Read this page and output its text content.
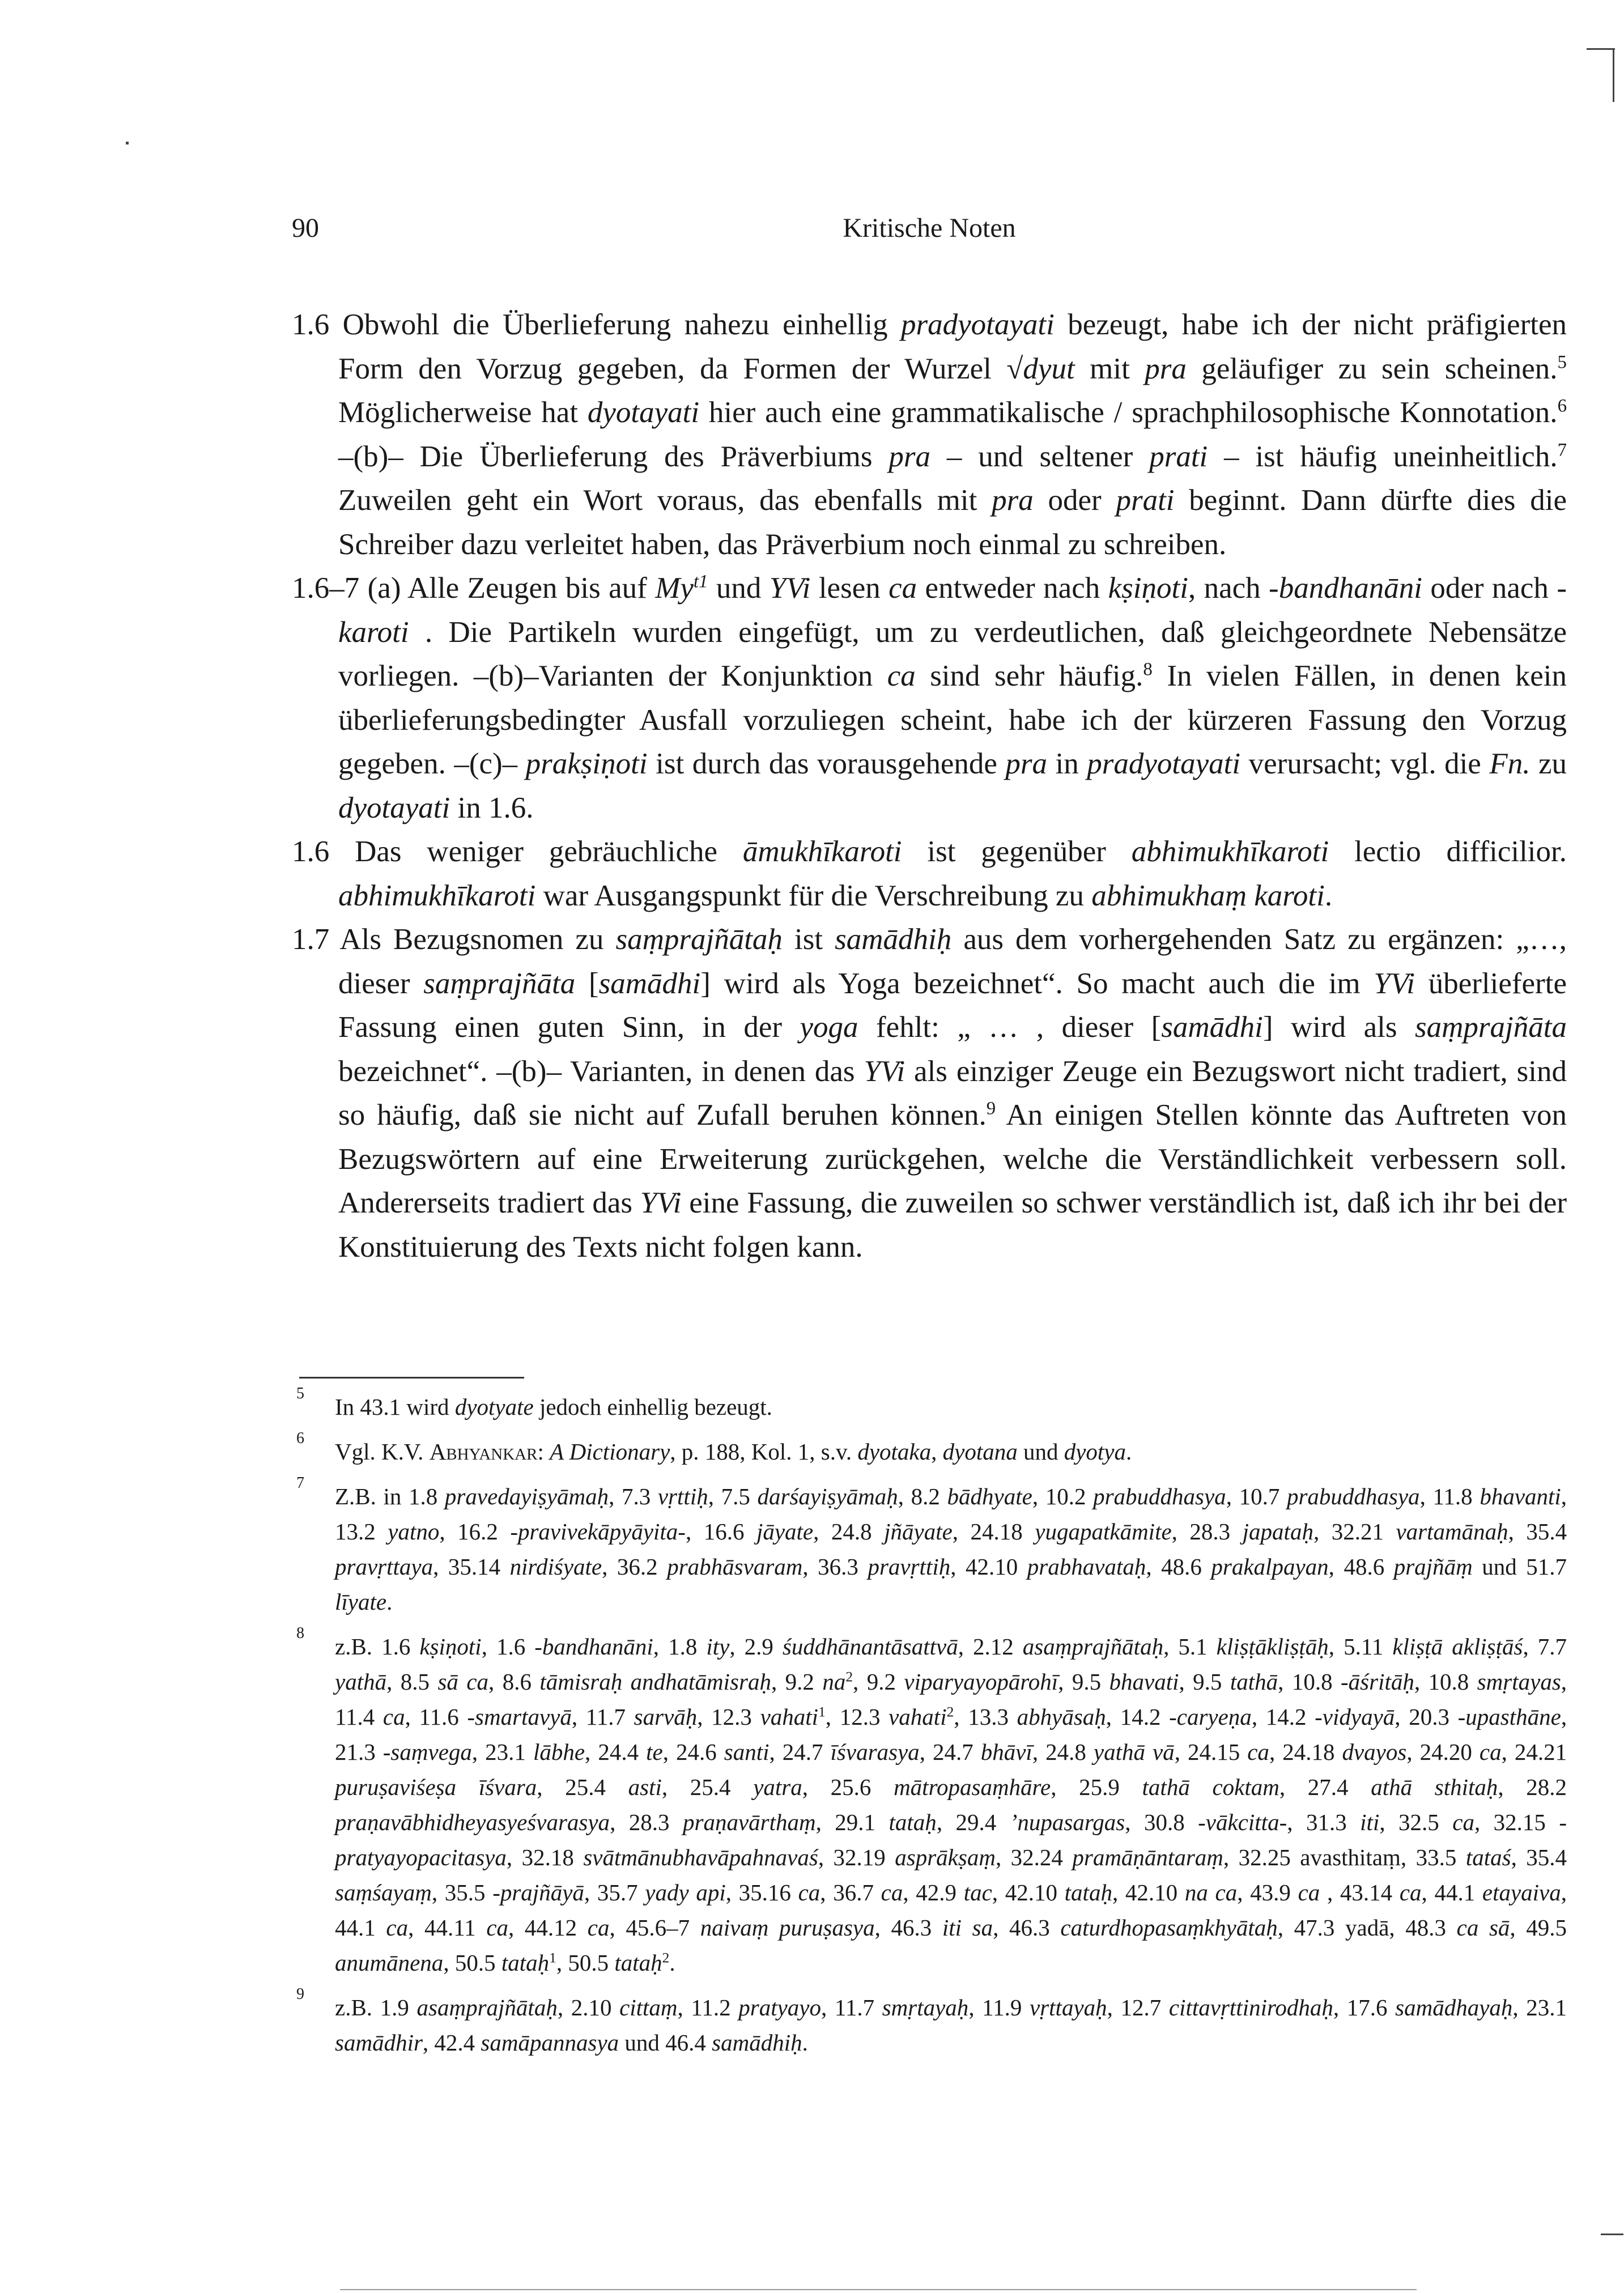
90	Kritische Noten

1.6 Obwohl die Überlieferung nahezu einhellig pradyotayati bezeugt, habe ich der nicht präfigierten Form den Vorzug gegeben, da Formen der Wurzel √dyut mit pra geläufiger zu sein scheinen.$^5$ Möglicherweise hat dyotayati hier auch eine grammatikalische / sprachphilosophische Konnotation.$^6$ –(b)– Die Überlieferung des Präverbiums pra – und seltener prati – ist häufig uneinheitlich.$^7$ Zuweilen geht ein Wort voraus, das ebenfalls mit pra oder prati beginnt. Dann dürfte dies die Schreiber dazu verleitet haben, das Präverbium noch einmal zu schreiben.

1.6–7 (a) Alle Zeugen bis auf $My^{t1}$ und YVi lesen ca entweder nach kṣiṇoti, nach -bandhanāni oder nach -karoti . Die Partikeln wurden eingefügt, um zu verdeutlichen, daß gleichgeordnete Nebensätze vorliegen. –(b)–Varianten der Konjunktion ca sind sehr häufig.$^8$ In vielen Fällen, in denen kein überlieferungsbedingter Ausfall vorzuliegen scheint, habe ich der kürzeren Fassung den Vorzug gegeben. –(c)– prakṣiṇoti ist durch das vorausgehende pra in pradyotayati verursacht; vgl. die Fn. zu dyotayati in 1.6.

1.6 Das weniger gebräuchliche āmukhīkaroti ist gegenüber abhimukhīkaroti lectio difficilior. abhimukhīkaroti war Ausgangspunkt für die Verschreibung zu abhimukhaṃ karoti.

1.7 Als Bezugsnomen zu saṃprajñātaḥ ist samādhiḥ aus dem vorhergehenden Satz zu ergänzen: „…, dieser saṃprajñāta [samādhi] wird als Yoga bezeichnet“. So macht auch die im YVi überlieferte Fassung einen guten Sinn, in der yoga fehlt: „ … , dieser [samādhi] wird als saṃprajñāta bezeichnet“. –(b)– Varianten, in denen das YVi als einziger Zeuge ein Bezugswort nicht tradiert, sind so häufig, daß sie nicht auf Zufall beruhen können.$^9$ An einigen Stellen könnte das Auftreten von Bezugswörtern auf eine Erweiterung zurückgehen, welche die Verständlichkeit verbessern soll. Andererseits tradiert das YVi eine Fassung, die zuweilen so schwer verständlich ist, daß ich ihr bei der Konstituierung des Texts nicht folgen kann.

5
In 43.1 wird dyotyate jedoch einhellig bezeugt.
6
Vgl. K.V. Abhyankar: A Dictionary, p. 188, Kol. 1, s.v. dyotaka, dyotana und dyotya.
7
Z.B. in 1.8 pravedayiṣyāmaḥ, 7.3 vṛttiḥ, 7.5 darśayiṣyāmaḥ, 8.2 bādhyate, 10.2 prabuddhasya, 10.7 prabuddhasya, 11.8 bhavanti, 13.2 yatno, 16.2 -pravivekāpyāyita-, 16.6 jāyate, 24.8 jñāyate, 24.18 yugapatkāmite, 28.3 japataḥ, 32.21 vartamānaḥ, 35.4 pravṛttaya, 35.14 nirdiśyate, 36.2 prabhāsvaram, 36.3 pravṛttiḥ, 42.10 prabhavataḥ, 48.6 prakalpayan, 48.6 prajñāṃ und 51.7 līyate.
8
z.B. 1.6 kṣiṇoti, 1.6 -bandhanāni, 1.8 ity, 2.9 śuddhānantāsattvā, 2.12 asaṃprajñātaḥ, 5.1 kliṣṭākliṣṭāḥ, 5.11 kliṣṭā akliṣṭāś, 7.7 yathā, 8.5 sā ca, 8.6 tāmisraḥ andhatāmisraḥ, 9.2 $na^2$, 9.2 viparyayopārohī, 9.5 bhavati, 9.5 tathā, 10.8 -āśritāḥ, 10.8 smṛtayas, 11.4 ca, 11.6 -smartavyā, 11.7 sarvāḥ, 12.3 vahati$^1$, 12.3 vahati$^2$, 13.3 abhyāsaḥ, 14.2 -caryeṇa, 14.2 -vidyayā, 20.3 -upasthāne, 21.3 -saṃvega, 23.1 lābhe, 24.4 te, 24.6 santi, 24.7 īśvarasya, 24.7 bhāvī, 24.8 yathā vā, 24.15 ca, 24.18 dvayos, 24.20 ca, 24.21 puruṣaviśeṣa īśvara, 25.4 asti, 25.4 yatra, 25.6 mātropasaṃhāre, 25.9 tathā coktam, 27.4 athā sthitaḥ, 28.2 praṇavābhidheyasyeśvarasya, 28.3 praṇavārthaṃ, 29.1 tataḥ, 29.4 ’nupasargas, 30.8 -vākcitta-, 31.3 iti, 32.5 ca, 32.15 -pratyayopacitasya, 32.18 svātmānubhavāpahnavaś, 32.19 asprākṣaṃ, 32.24 pramāṇāntaraṃ, 32.25 avasthitaṃ, 33.5 tataś, 35.4 saṃśayaṃ, 35.5 -prajñāyā, 35.7 yady api, 35.16 ca, 36.7 ca, 42.9 tac, 42.10 tataḥ, 42.10 na ca, 43.9 ca , 43.14 ca, 44.1 etayaiva, 44.1 ca, 44.11 ca, 44.12 ca, 45.6–7 naivaṃ puruṣasya, 46.3 iti sa, 46.3 caturdhopasaṃkhyātaḥ, 47.3 yadā, 48.3 ca sā, 49.5 anumānena, 50.5 tataḥ$^1$, 50.5 tataḥ$^2$.
9
z.B. 1.9 asaṃprajñātaḥ, 2.10 cittaṃ, 11.2 pratyayo, 11.7 smṛtayaḥ, 11.9 vṛttayaḥ, 12.7 cittavṛttinirodhaḥ, 17.6 samādhayaḥ, 23.1 samādhir, 42.4 samāpannasya und 46.4 samādhiḥ.
